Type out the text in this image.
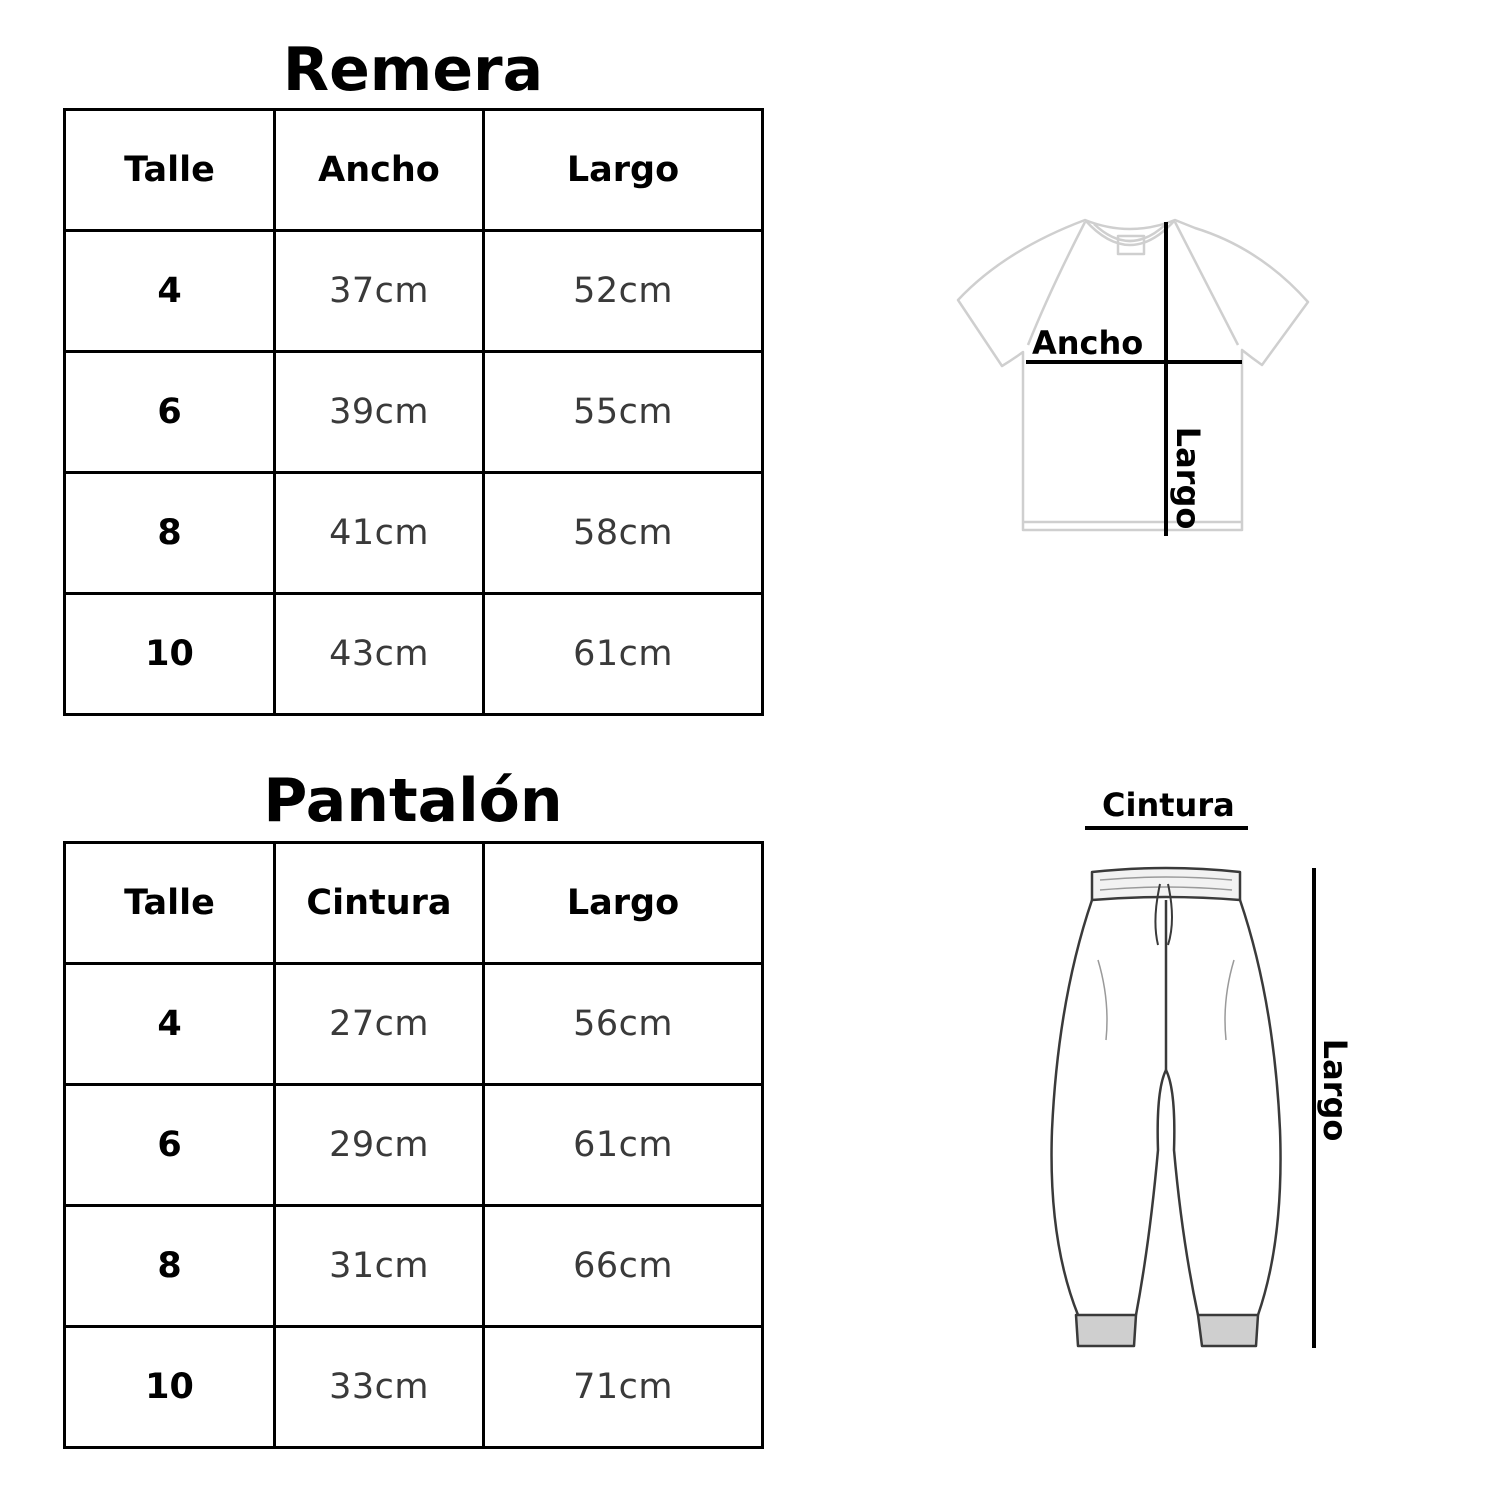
Remera
Talle	Ancho	Largo
4	37cm	52cm
6	39cm	55cm
8	41cm	58cm
10	43cm	61cm
Pantalón
Talle	Cintura	Largo
4	27cm	56cm
6	29cm	61cm
8	31cm	66cm
10	33cm	71cm
Ancho
Largo
Cintura
Largo
